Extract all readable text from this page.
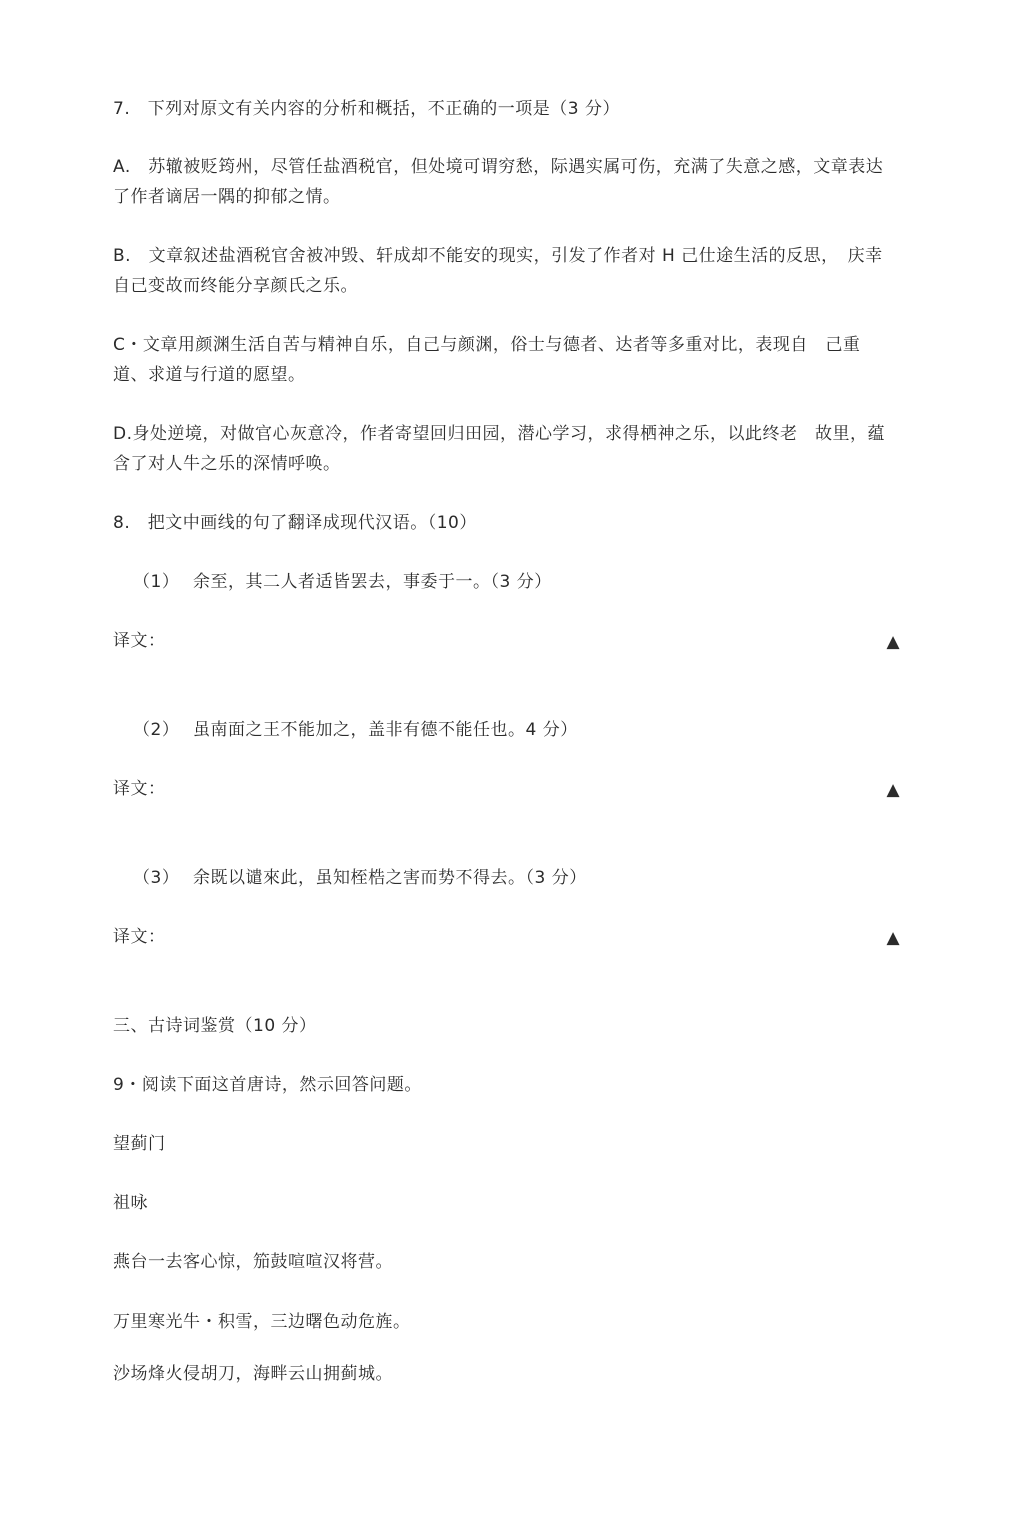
7.　下列对原文有关内容的分析和概括，不正确的一项是（3 分）
A.　苏辙被贬筠州，尽管任盐酒税官，但处境可谓穷愁，际遇实属可伤，充满了失意之感，文章表达
了作者谪居一隅的抑郁之情。
B.　文章叙述盐酒税官舍被冲毁、轩成却不能安的现实，引发了作者对 H 己仕途生活的反思，　庆幸
自己变故而终能分享颜氏之乐。
C・文章用颜渊生活自苦与精神自乐，自己与颜渊，俗士与德者、达者等多重对比，表现自　己重
道、求道与行道的愿望。
D.身处逆境，对做官心灰意冷，作者寄望回归田园，潜心学习，求得栖神之乐，以此终老　故里，蕴
含了对人牛之乐的深情呼唤。
8.　把文中画线的句了翻译成现代汉语。（10）
（1） 余至，其二人者适皆罢去，事委于一。（3 分）
译文：	▲
（2） 虽南面之王不能加之，盖非有德不能任也。4 分）
译文：	▲
（3） 余既以谴來此，虽知桎梏之害而势不得去。（3 分）
译文：	▲
三、古诗词鉴赏（10 分）
9・阅读下面这首唐诗，然示回答问题。
望蓟门
祖咏
燕台一去客心惊，笳鼓喧喧汉将营。
万里寒光牛・积雪，三边曙色动危旌。
沙场烽火侵胡刀，海畔云山拥蓟城。
